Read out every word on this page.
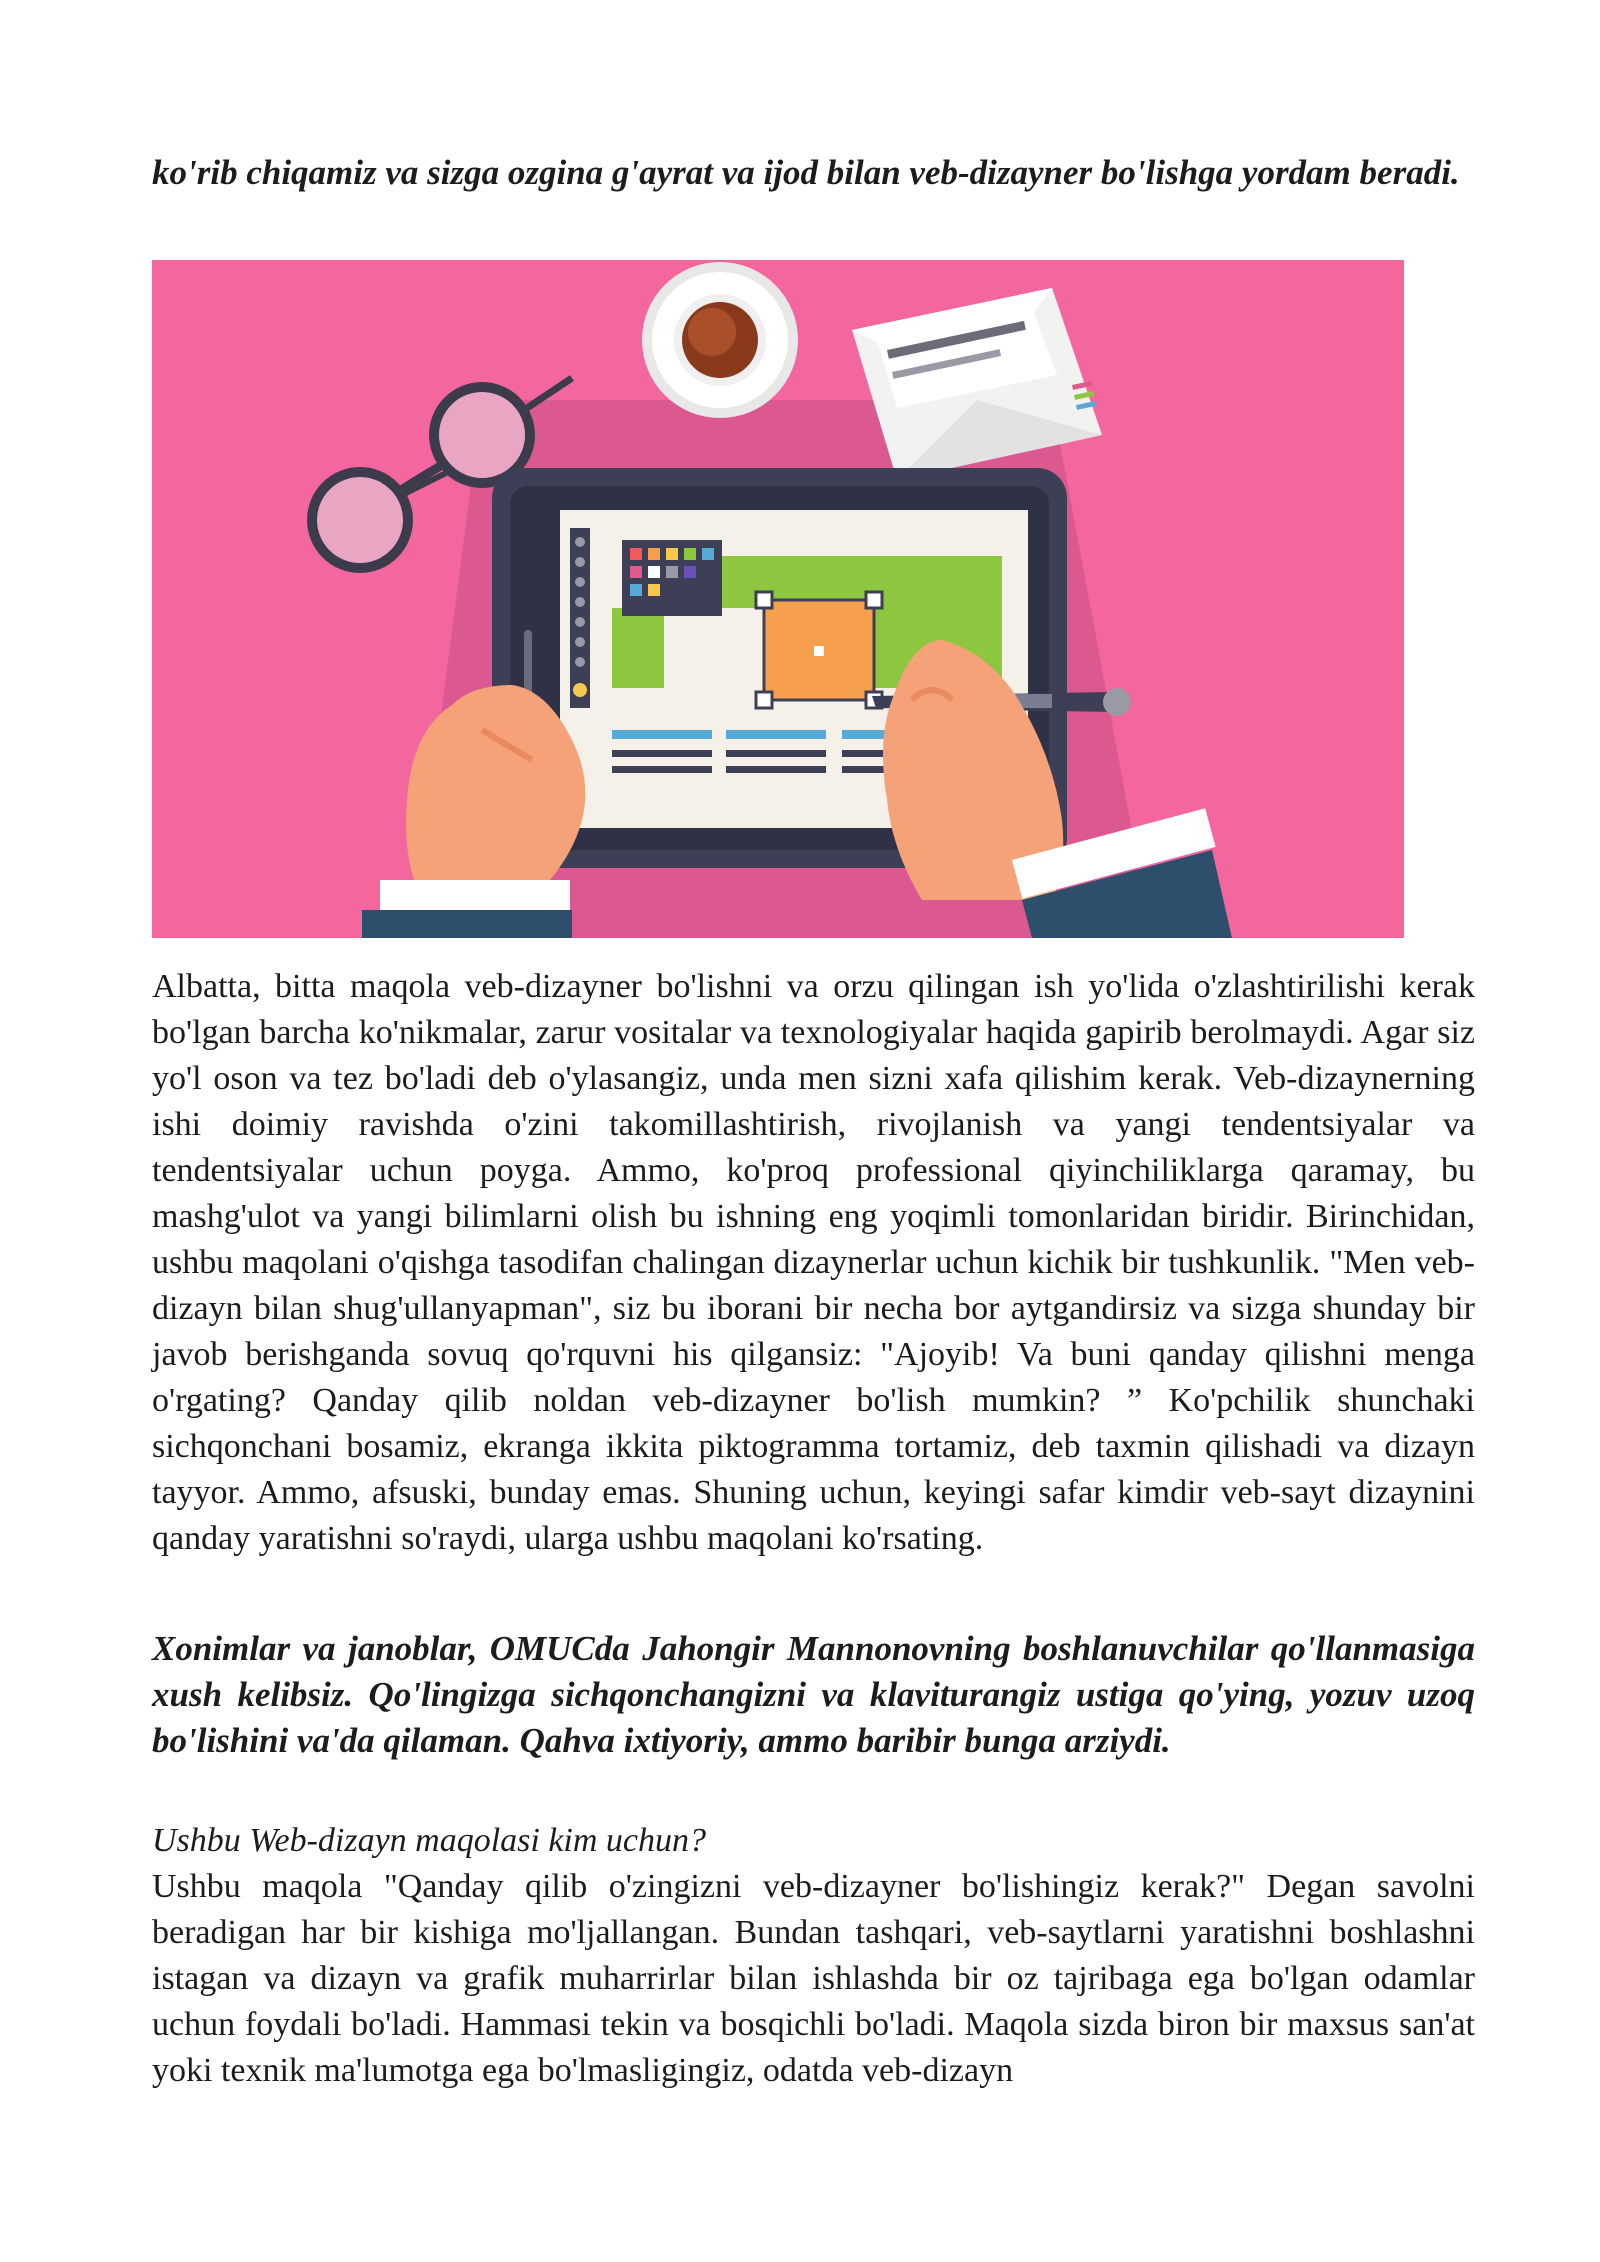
ko'rib chiqamiz va sizga ozgina g'ayrat va ijod bilan veb-dizayner bo'lishga yordam beradi.

Albatta, bitta maqola veb-dizayner bo'lishni va orzu qilingan ish yo'lida o'zlashtirilishi kerak bo'lgan barcha ko'nikmalar, zarur vositalar va texnologiyalar haqida gapirib berolmaydi. Agar siz yo'l oson va tez bo'ladi deb o'ylasangiz, unda men sizni xafa qilishim kerak. Veb-dizaynerning ishi doimiy ravishda o'zini takomillashtirish, rivojlanish va yangi tendentsiyalar va tendentsiyalar uchun poyga. Ammo, ko'proq professional qiyinchiliklarga qaramay, bu mashg'ulot va yangi bilimlarni olish bu ishning eng yoqimli tomonlaridan biridir. Birinchidan, ushbu maqolani o'qishga tasodifan chalingan dizaynerlar uchun kichik bir tushkunlik. "Men veb-dizayn bilan shug'ullanyapman", siz bu iborani bir necha bor aytgandirsiz va sizga shunday bir javob berishganda sovuq qo'rquvni his qilgansiz: "Ajoyib! Va buni qanday qilishni menga o'rgating? Qanday qilib noldan veb-dizayner bo'lish mumkin? ” Ko'pchilik shunchaki sichqonchani bosamiz, ekranga ikkita piktogramma tortamiz, deb taxmin qilishadi va dizayn tayyor. Ammo, afsuski, bunday emas. Shuning uchun, keyingi safar kimdir veb-sayt dizaynini qanday yaratishni so'raydi, ularga ushbu maqolani ko'rsating.

Xonimlar va janoblar, OMUCda Jahongir Mannonovning boshlanuvchilar qo'llanmasiga xush kelibsiz. Qo'lingizga sichqonchangizni va klaviturangiz ustiga qo'ying, yozuv uzoq bo'lishini va'da qilaman. Qahva ixtiyoriy, ammo baribir bunga arziydi.

Ushbu Web-dizayn maqolasi kim uchun?

Ushbu maqola "Qanday qilib o'zingizni veb-dizayner bo'lishingiz kerak?" Degan savolni beradigan har bir kishiga mo'ljallangan. Bundan tashqari, veb-saytlarni yaratishni boshlashni istagan va dizayn va grafik muharrirlar bilan ishlashda bir oz tajribaga ega bo'lgan odamlar uchun foydali bo'ladi. Hammasi tekin va bosqichli bo'ladi. Maqola sizda biron bir maxsus san'at yoki texnik ma'lumotga ega bo'lmasligingiz, odatda veb-dizayn
